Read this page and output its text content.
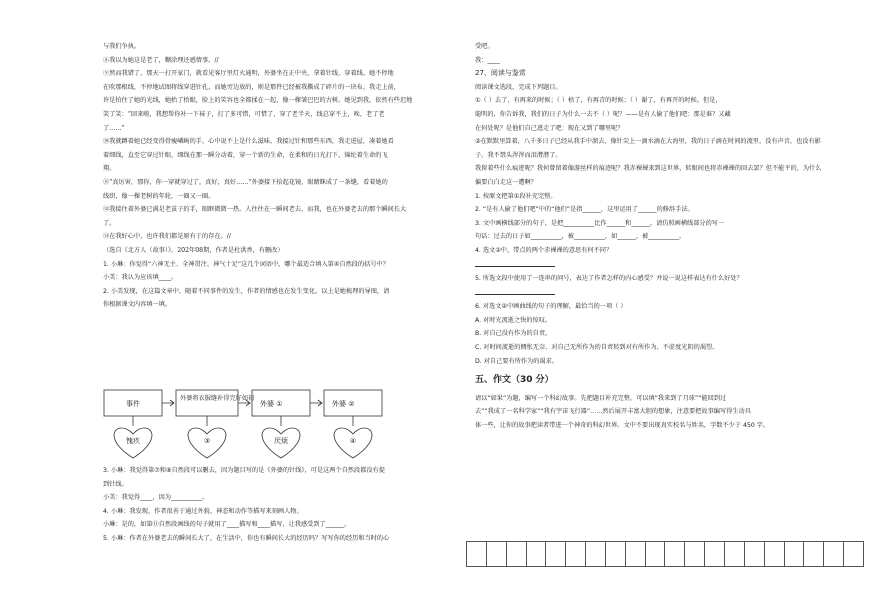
与我们争执。

⑧我以为她这是老了，糊涂理还感情事。//

⑨然而我错了，那天一打开家门，就看见客厅里灯火通明，外婆坐在正中央，拿着针线，穿着线。她不停地

在吹那根线，不停地试图将线穿进针孔，而她旁边放的，则是那件已经被我撕成了碎片的一块布。我走上前，

许是怕住了她的光线，她抬了抬眼，脸上的笑容也全都揉在一起，像一棵皱巴巴的古树。她见到我，依然有些迟地

笑了笑：“回来啦，我想帮你补一下袜子，打了多可惜，可惜了，穿了老半天，线总穿不上，唉，老了老

了……”

⑩我就蹲着她已经变得骨瘦嶙峋的手，心中说不上是什么滋味。我接过针和那些东西，我走进屋，凑着她看

着细线，直至它穿过针眼，细线在那一瞬分动着，穿一个新的生命，在柔和的日光打下，锦纶着生命的飞

翔。

⑪“真厉害，那你，你一穿就穿过了，真好，真好……”外婆接下拾起花镜，眼睛眯成了一条缝，看着她的

线织，像一棵老树的年轮，一圈又一圈。

⑫我接住着外婆已满是老茧子的手，眼眶微微一热。人往往在一瞬间老去，而我，也在外婆老去的那个瞬间长大

了。

⑬在我好心中，也许我们都是原有于的存在。//

（选自《北方人（故事）》，202年08期，作者是杜洪香，有删改）

1. 小琳：你觉得“六神无主、全神贯注、神气十足”这几个词语中，哪个最适合填入第④自然段的括号中？

小美：我认为应该填____。

2. 小美发现，在这篇文章中，随着不同事件的发生，作者的情感也在发生变化。以上是她梳理的导图，请

你根据课文内容填一填。

事件
外婆将衣服缝补得完好如初
外婆 ①	外婆 ②
愧疚	③	厌烦	④

3. 小琳：我觉得第⑦和⑧自然段可以删去，因为题目写的是《外婆的针线》，可是这两个自然段都没有提

到针线。

小美：我觉得____，因为__________。

4. 小琳：我发现，作者很善于通过外貌、神态和动作等描写来刻画人物。

小琳：是的，如第⑪自然段画线的句子就用了____描写和____描写，让我感受到了______。

5. 小琳：作者在外婆老去的瞬间长大了，在生活中，你也有瞬间长大的经历吗？写写你的经历和当时的心

受吧。

我：____

27、阅读与鉴赏

阅读课文选段，完成下列题目。

①（ ）去了，有再来的时候；（ ）枯了，有再青的时候；（ ）谢了，有再开的时候。但是，

聪明的，你告诉我，我们的日子为什么一去不（ ）呢？——是有人偷了他们吧：那是谁？又藏

在何处呢？是他们自己逃走了吧：现在又到了哪里呢？

②在默默里算着，八千多日子已经从我手中溜去，像针尖上一滴水滴在大海里，我的日子滴在时间的流里，没有声音，也没有影子。我不禁头涔涔而泪潸潸了。

我留着些什么痕迹呢？我何曾留着像游丝样的痕迹呢？我赤裸裸来到这世界，转眼间也将赤裸裸的回去罢？但不能平的，为什么偏要白白走这一遭啊？

1. 按原文把第①段补充完整。

2. “是有人偷了他们吧”中的“他们”是指______，这里运用了______的修辞手法。

3. 文中画横线部分的句子，是把__________比作______和______，请仿照画横线部分的写一

句话：过去的日子如__________，被__________，如______，被__________。

4. 选文②中，带点的两个赤裸裸的意思有何不同？

5. 所选文段中使用了一连串的问号，表达了作者怎样的内心感受？并说一说这样表达有什么好处？

6. 对选文②中画曲线的句子的理解，最恰当的一项（ ）

A. 对时光流逝之快的惊叹。

B. 对自己没有作为的自责。

C. 对时间流逝的惆怅无奈、对自己无所作为的自责转到对有所作为、不虚度光阴的渴望。

D. 对自己要有所作为的渴求。

五、作文（30 分）

请以“如果”为题，编写一个科幻故事。先把题目补充完整，可以填“我来到了月球”“能回到过

去”“我成了一名科学家”“我有宇宙飞行器”……然后展开丰富大胆的想象，注意要把故事编写得生动具

体一些，让你的故事把读者带进一个神奇的科幻世界。文中不要出现真实校名与姓名，字数不少于 450 字。
